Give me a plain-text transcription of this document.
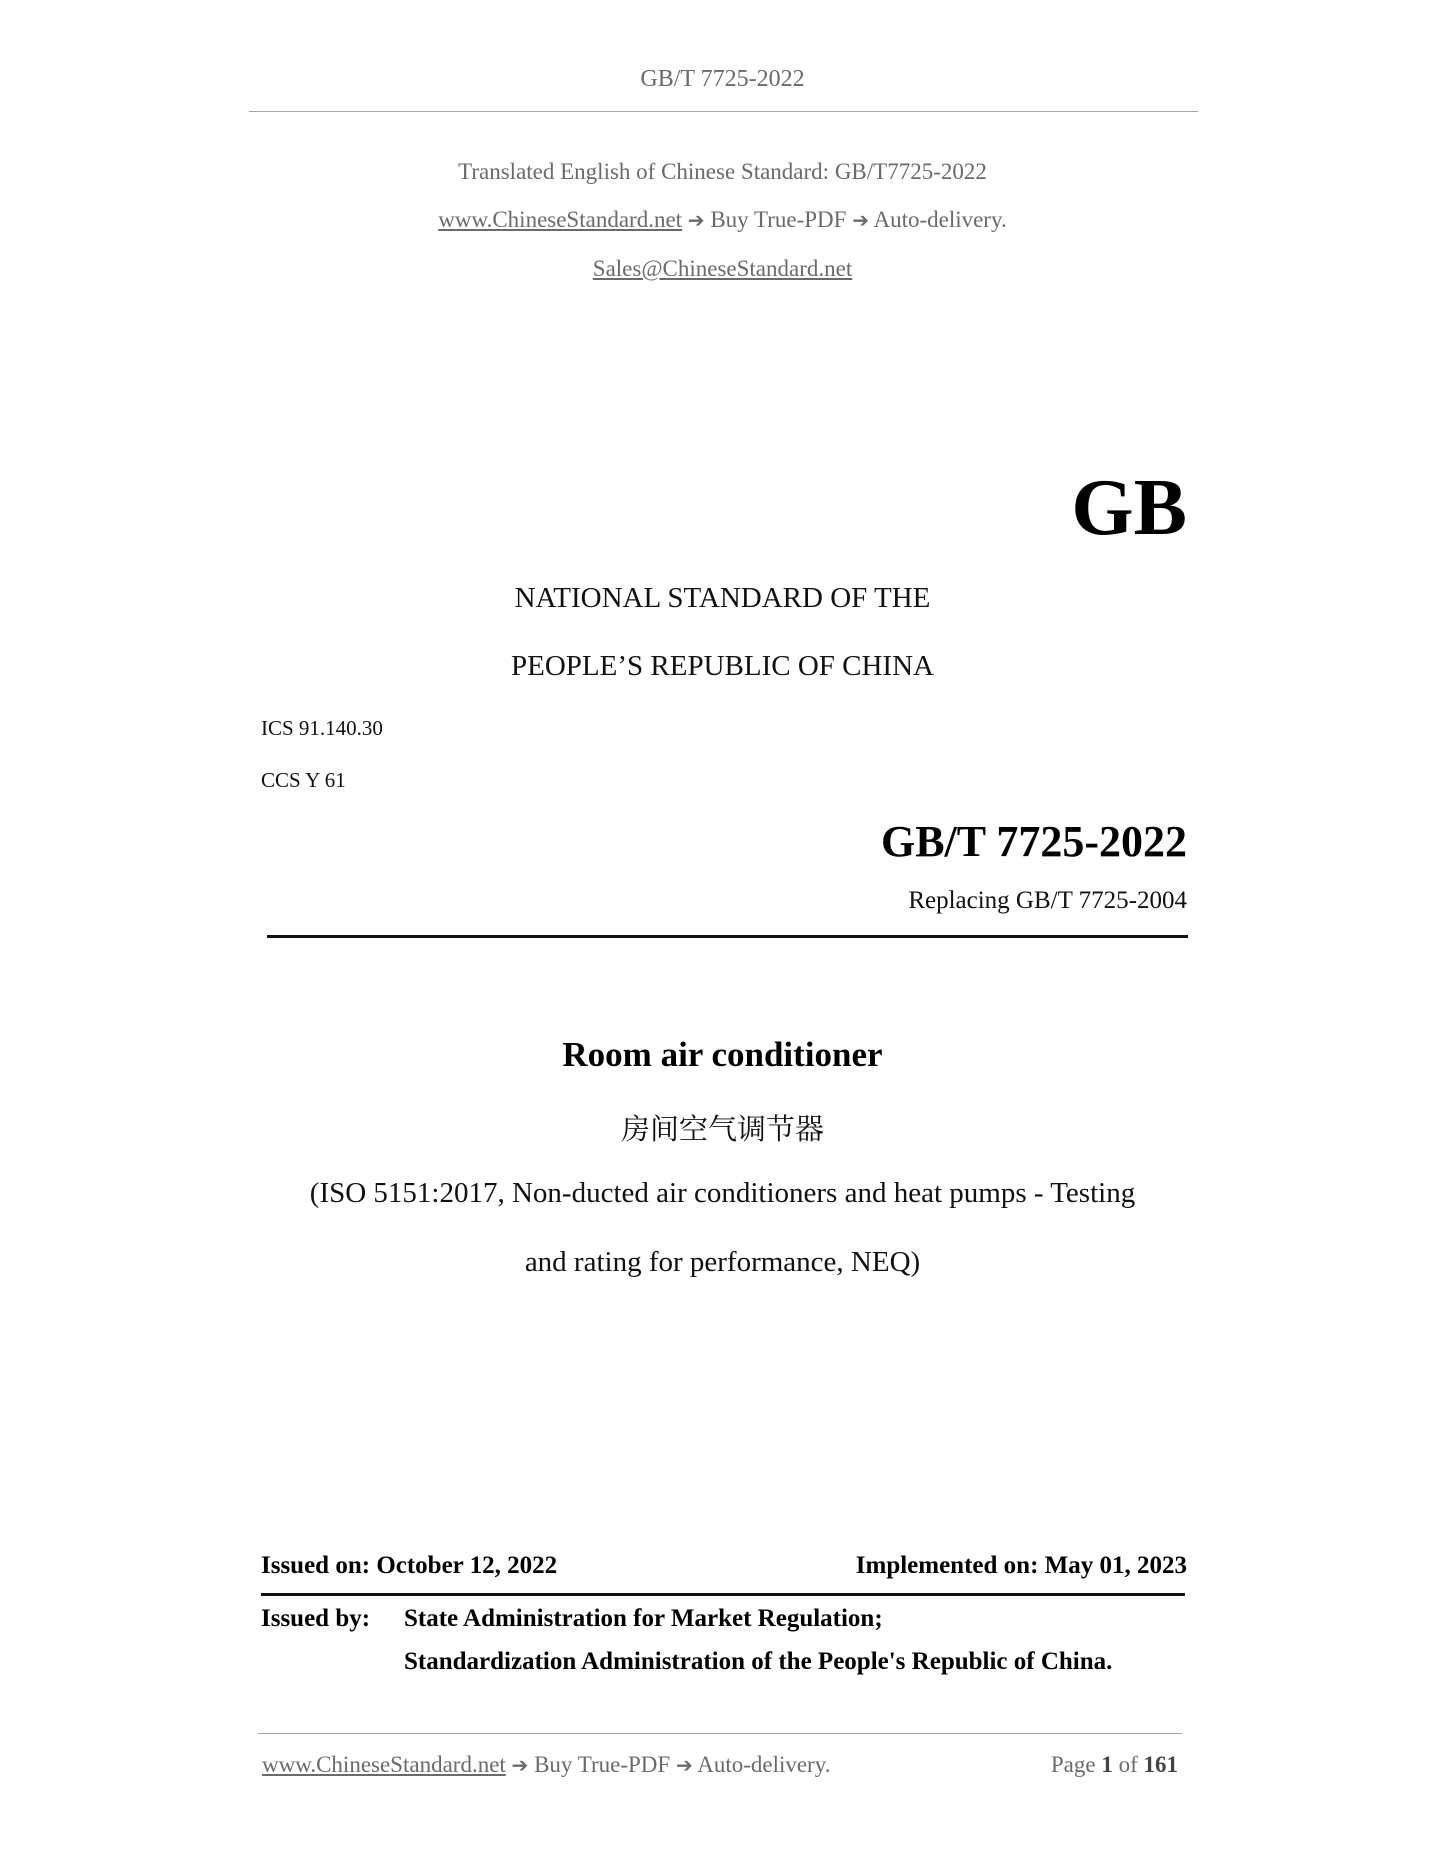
GB/T 7725-2022
Translated English of Chinese Standard: GB/T7725-2022
www.ChineseStandard.net ➔ Buy True-PDF ➔ Auto-delivery.
Sales@ChineseStandard.net
GB
NATIONAL STANDARD OF THE
PEOPLE’S REPUBLIC OF CHINA
ICS 91.140.30
CCS Y 61
GB/T 7725-2022
Replacing GB/T 7725-2004
Room air conditioner
房间空气调节器
(ISO 5151:2017, Non-ducted air conditioners and heat pumps - Testing
and rating for performance, NEQ)
Issued on: October 12, 2022	Implemented on: May 01, 2023
Issued by: State Administration for Market Regulation;
Standardization Administration of the People's Republic of China.
www.ChineseStandard.net ➔ Buy True-PDF ➔ Auto-delivery.	Page 1 of 161
